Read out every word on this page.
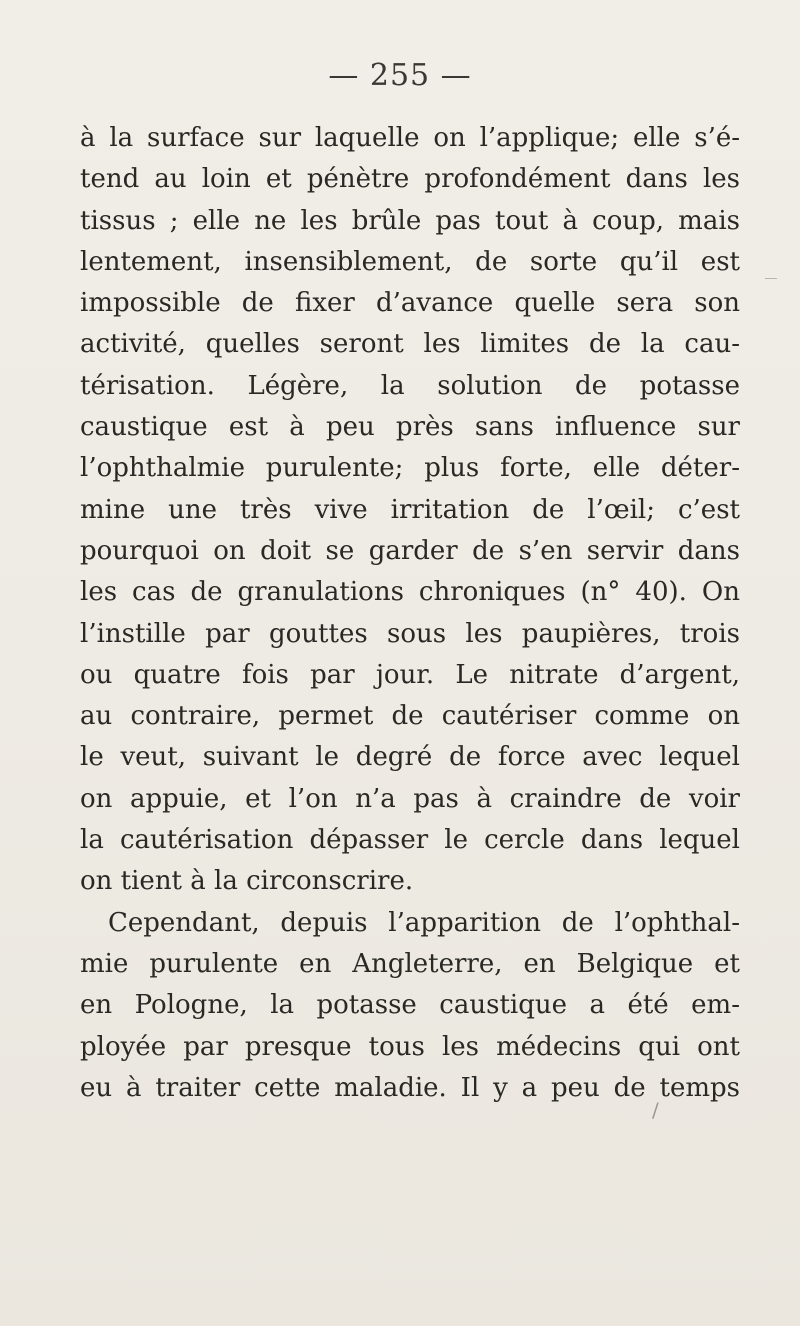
— 255 —
à la surface sur laquelle on l’applique; elle s’é-
tend au loin et pénètre profondément dans les
tissus ; elle ne les brûle pas tout à coup, mais
lentement, insensiblement, de sorte qu’il est
impossible de fixer d’avance quelle sera son
activité, quelles seront les limites de la cau-
térisation. Légère, la solution de potasse
caustique est à peu près sans influence sur
l’ophthalmie purulente; plus forte, elle déter-
mine une très vive irritation de l’œil; c’est
pourquoi on doit se garder de s’en servir dans
les cas de granulations chroniques (n° 40). On
l’instille par gouttes sous les paupières, trois
ou quatre fois par jour. Le nitrate d’argent,
au contraire, permet de cautériser comme on
le veut, suivant le degré de force avec lequel
on appuie, et l’on n’a pas à craindre de voir
la cautérisation dépasser le cercle dans lequel
on tient à la circonscrire.
Cependant, depuis l’apparition de l’ophthal-
mie purulente en Angleterre, en Belgique et
en Pologne, la potasse caustique a été em-
ployée par presque tous les médecins qui ont
eu à traiter cette maladie. Il y a peu de temps
/
